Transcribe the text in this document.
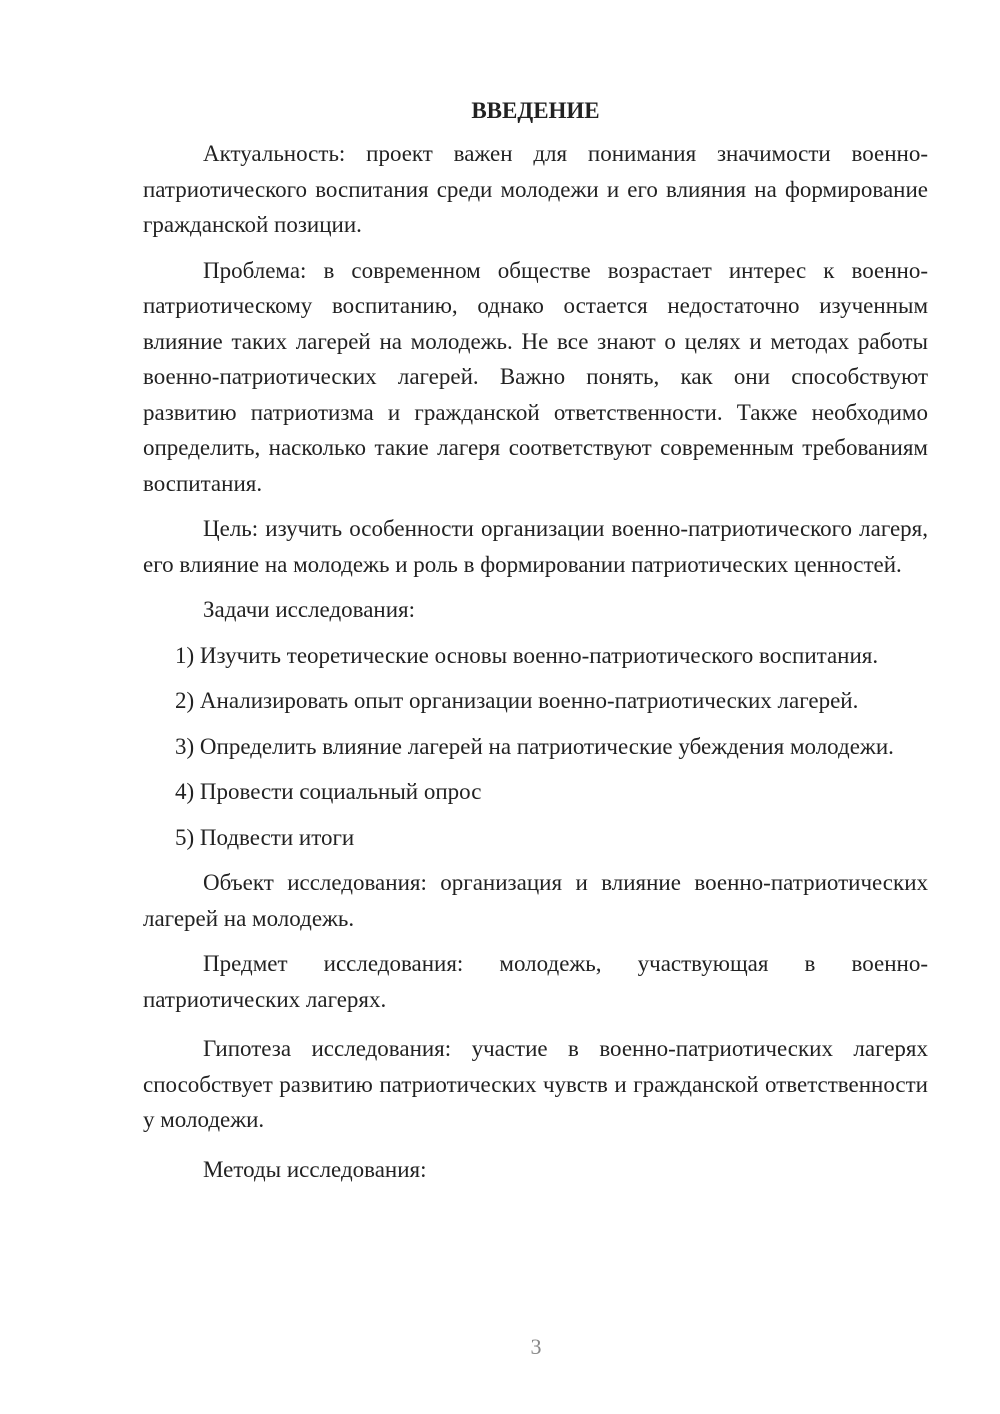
ВВЕДЕНИЕ

Актуальность: проект важен для понимания значимости военно-патриотического воспитания среди молодежи и его влияния на формирование гражданской позиции.

Проблема: в современном обществе возрастает интерес к военно-патриотическому воспитанию, однако остается недостаточно изученным влияние таких лагерей на молодежь. Не все знают о целях и методах работы военно-патриотических лагерей. Важно понять, как они способствуют развитию патриотизма и гражданской ответственности. Также необходимо определить, насколько такие лагеря соответствуют современным требованиям воспитания.

Цель: изучить особенности организации военно-патриотического лагеря, его влияние на молодежь и роль в формировании патриотических ценностей.

Задачи исследования:

1) Изучить теоретические основы военно-патриотического воспитания.

2) Анализировать опыт организации военно-патриотических лагерей.

3) Определить влияние лагерей на патриотические убеждения молодежи.

4) Провести социальный опрос

5) Подвести итоги

Объект исследования: организация и влияние военно-патриотических лагерей на молодежь.

Предмет исследования: молодежь, участвующая в военно-патриотических лагерях.

Гипотеза исследования: участие в военно-патриотических лагерях способствует развитию патриотических чувств и гражданской ответственности у молодежи.

Методы исследования:

3
